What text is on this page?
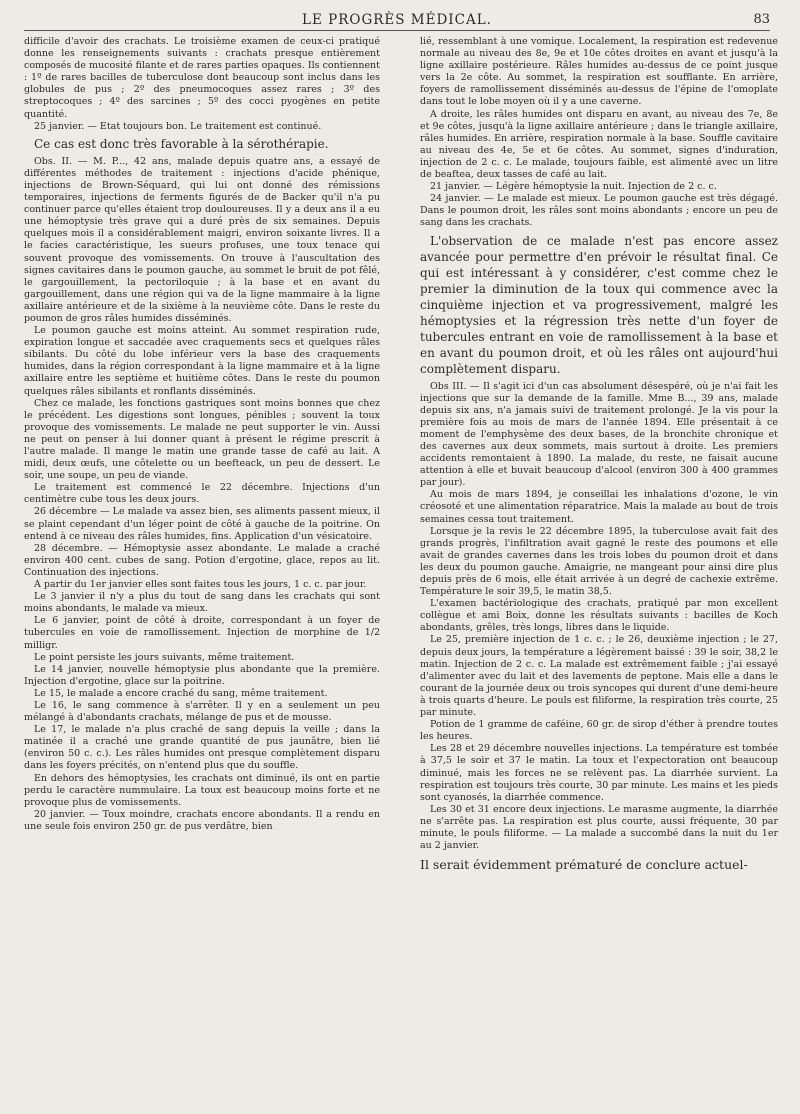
LE PROGRÈS MÉDICAL.	83

difficile d'avoir des crachats. Le troisième examen de ceux-ci pratiqué donne les renseignements suivants : crachats presque entièrement composés de mucosité filante et de rares parties opaques. Ils contiennent : 1º de rares bacilles de tuberculose dont beaucoup sont inclus dans les globules de pus ; 2º des pneumocoques assez rares ; 3º des streptocoques ; 4º des sarcines ; 5º des cocci pyogènes en petite quantité.

25 janvier. — Etat toujours bon. Le traitement est continué.

Ce cas est donc très favorable à la sérothérapie.

Obs. II. — M. P..., 42 ans, malade depuis quatre ans, a essayé de différentes méthodes de traitement : injections d'acide phénique, injections de Brown-Séquard, qui lui ont donné des rémissions temporaires, injections de ferments figurés de de Backer qu'il n'a pu continuer parce qu'elles étaient trop douloureuses. Il y a deux ans il a eu une hémoptysie très grave qui a duré près de six semaines. Depuis quelques mois il a considérablement maigri, environ soixante livres. Il a le facies caractéristique, les sueurs profuses, une toux tenace qui souvent provoque des vomissements. On trouve à l'auscultation des signes cavitaires dans le poumon gauche, au sommet le bruit de pot fêlé, le gargouillement, la pectoriloquie ; à la base et en avant du gargouillement, dans une région qui va de la ligne mammaire à la ligne axillaire antérieure et de la sixième à la neuvième côte. Dans le reste du poumon de gros râles humides disséminés.

Le poumon gauche est moins atteint. Au sommet respiration rude, expiration longue et saccadée avec craquements secs et quelques râles sibilants. Du côté du lobe inférieur vers la base des craquements humides, dans la région correspondant à la ligne mammaire et à la ligne axillaire entre les septième et huitième côtes. Dans le reste du poumon quelques râles sibilants et ronflants disséminés.

Chez ce malade, les fonctions gastriques sont moins bonnes que chez le précédent. Les digestions sont longues, pénibles ; souvent la toux provoque des vomissements. Le malade ne peut supporter le vin. Aussi ne peut on penser à lui donner quant à présent le régime prescrit à l'autre malade. Il mange le matin une grande tasse de café au lait. A midi, deux œufs, une côtelette ou un beefteack, un peu de dessert. Le soir, une soupe, un peu de viande.

Le traitement est commencé le 22 décembre. Injections d'un centimètre cube tous les deux jours.

26 décembre — Le malade va assez bien, ses aliments passent mieux, il se plaint cependant d'un léger point de côté à gauche de la poitrine. On entend à ce niveau des râles humides, fins. Application d'un vésicatoire.

28 décembre. — Hémoptysie assez abondante. Le malade a craché environ 400 cent. cubes de sang. Potion d'ergotine, glace, repos au lit. Continuation des injections.

A partir du 1er janvier elles sont faites tous les jours, 1 c. c. par jour.

Le 3 janvier il n'y a plus du tout de sang dans les crachats qui sont moins abondants, le malade va mieux.

Le 6 janvier, point de côté à droite, correspondant à un foyer de tubercules en voie de ramollissement. Injection de morphine de 1/2 milligr.

Le point persiste les jours suivants, même traitement.

Le 14 janvier, nouvelle hémoptysie plus abondante que la première. Injection d'ergotine, glace sur la poitrine.

Le 15, le malade a encore craché du sang, même traitement.

Le 16, le sang commence à s'arrêter. Il y en a seulement un peu mélangé à d'abondants crachats, mélange de pus et de mousse.

Le 17, le malade n'a plus craché de sang depuis la veille ; dans la matinée il a craché une grande quantité de pus jaunâtre, bien lié (environ 50 c. c.). Les râles humides ont presque complètement disparu dans les foyers précités, on n'entend plus que du souffle.

En dehors des hémoptysies, les crachats ont diminué, ils ont en partie perdu le caractère nummulaire. La toux est beaucoup moins forte et ne provoque plus de vomissements.

20 janvier. — Toux moindre, crachats encore abondants. Il a rendu en une seule fois environ 250 gr. de pus verdâtre, bien

lié, ressemblant à une vomique. Localement, la respiration est redevenue normale au niveau des 8e, 9e et 10e côtes droites en avant et jusqu'à la ligne axillaire postérieure. Râles humides au-dessus de ce point jusque vers la 2e côte. Au sommet, la respiration est soufflante. En arrière, foyers de ramollissement disséminés au-dessus de l'épine de l'omoplate dans tout le lobe moyen où il y a une caverne.

A droite, les râles humides ont disparu en avant, au niveau des 7e, 8e et 9e côtes, jusqu'à la ligne axillaire antérieure ; dans le triangle axillaire, râles humides. En arrière, respiration normale à la base. Souffle cavitaire au niveau des 4e, 5e et 6e côtes. Au sommet, signes d'induration, injection de 2 c. c. Le malade, toujours faible, est alimenté avec un litre de beaftea, deux tasses de café au lait.

21 janvier. — Légère hémoptysie la nuit. Injection de 2 c. c.

24 janvier. — Le malade est mieux. Le poumon gauche est très dégagé. Dans le poumon droit, les râles sont moins abondants ; encore un peu de sang dans les crachats.

L'observation de ce malade n'est pas encore assez avancée pour permettre d'en prévoir le résultat final. Ce qui est intéressant à y considérer, c'est comme chez le premier la diminution de la toux qui commence avec la cinquième injection et va progressivement, malgré les hémoptysies et la régression très nette d'un foyer de tubercules entrant en voie de ramollissement à la base et en avant du poumon droit, et où les râles ont aujourd'hui complètement disparu.

Obs III. — Il s'agit ici d'un cas absolument désespéré, où je n'ai fait les injections que sur la demande de la famille. Mme B..., 39 ans, malade depuis six ans, n'a jamais suivi de traitement prolongé. Je la vis pour la première fois au mois de mars de l'année 1894. Elle présentait à ce moment de l'emphysème des deux bases, de la bronchite chronique et des cavernes aux deux sommets, mais surtout à droite. Les premiers accidents remontaient à 1890. La malade, du reste, ne faisait aucune attention à elle et buvait beaucoup d'alcool (environ 300 à 400 grammes par jour).

Au mois de mars 1894, je conseillai les inhalations d'ozone, le vin créosoté et une alimentation réparatrice. Mais la malade au bout de trois semaines cessa tout traitement.

Lorsque je la revis le 22 décembre 1895, la tuberculose avait fait des grands progrès, l'infiltration avait gagné le reste des poumons et elle avait de grandes cavernes dans les trois lobes du poumon droit et dans les deux du poumon gauche. Amaigrie, ne mangeant pour ainsi dire plus depuis près de 6 mois, elle était arrivée à un degré de cachexie extrême. Température le soir 39,5, le matin 38,5.

L'examen bactériologique des crachats, pratiqué par mon excellent collègue et ami Boix, donne les résultats suivants : bacilles de Koch abondants, grêles, très longs, libres dans le liquide.

Le 25, première injection de 1 c. c. ; le 26, deuxième injection ; le 27, depuis deux jours, la température a légèrement baissé : 39 le soir, 38,2 le matin. Injection de 2 c. c. La malade est extrêmement faible ; j'ai essayé d'alimenter avec du lait et des lavements de peptone. Mais elle a dans le courant de la journée deux ou trois syncopes qui durent d'une demi-heure à trois quarts d'heure. Le pouls est filiforme, la respiration très courte, 25 par minute.

Potion de 1 gramme de caféine, 60 gr. de sirop d'éther à prendre toutes les heures.

Les 28 et 29 décembre nouvelles injections. La température est tombée à 37,5 le soir et 37 le matin. La toux et l'expectoration ont beaucoup diminué, mais les forces ne se relèvent pas. La diarrhée survient. La respiration est toujours très courte, 30 par minute. Les mains et les pieds sont cyanosés, la diarrhée commence.

Les 30 et 31 encore deux injections. Le marasme augmente, la diarrhée ne s'arrête pas. La respiration est plus courte, aussi fréquente, 30 par minute, le pouls filiforme. — La malade a succombé dans la nuit du 1er au 2 janvier.

Il serait évidemment prématuré de conclure actuel-
